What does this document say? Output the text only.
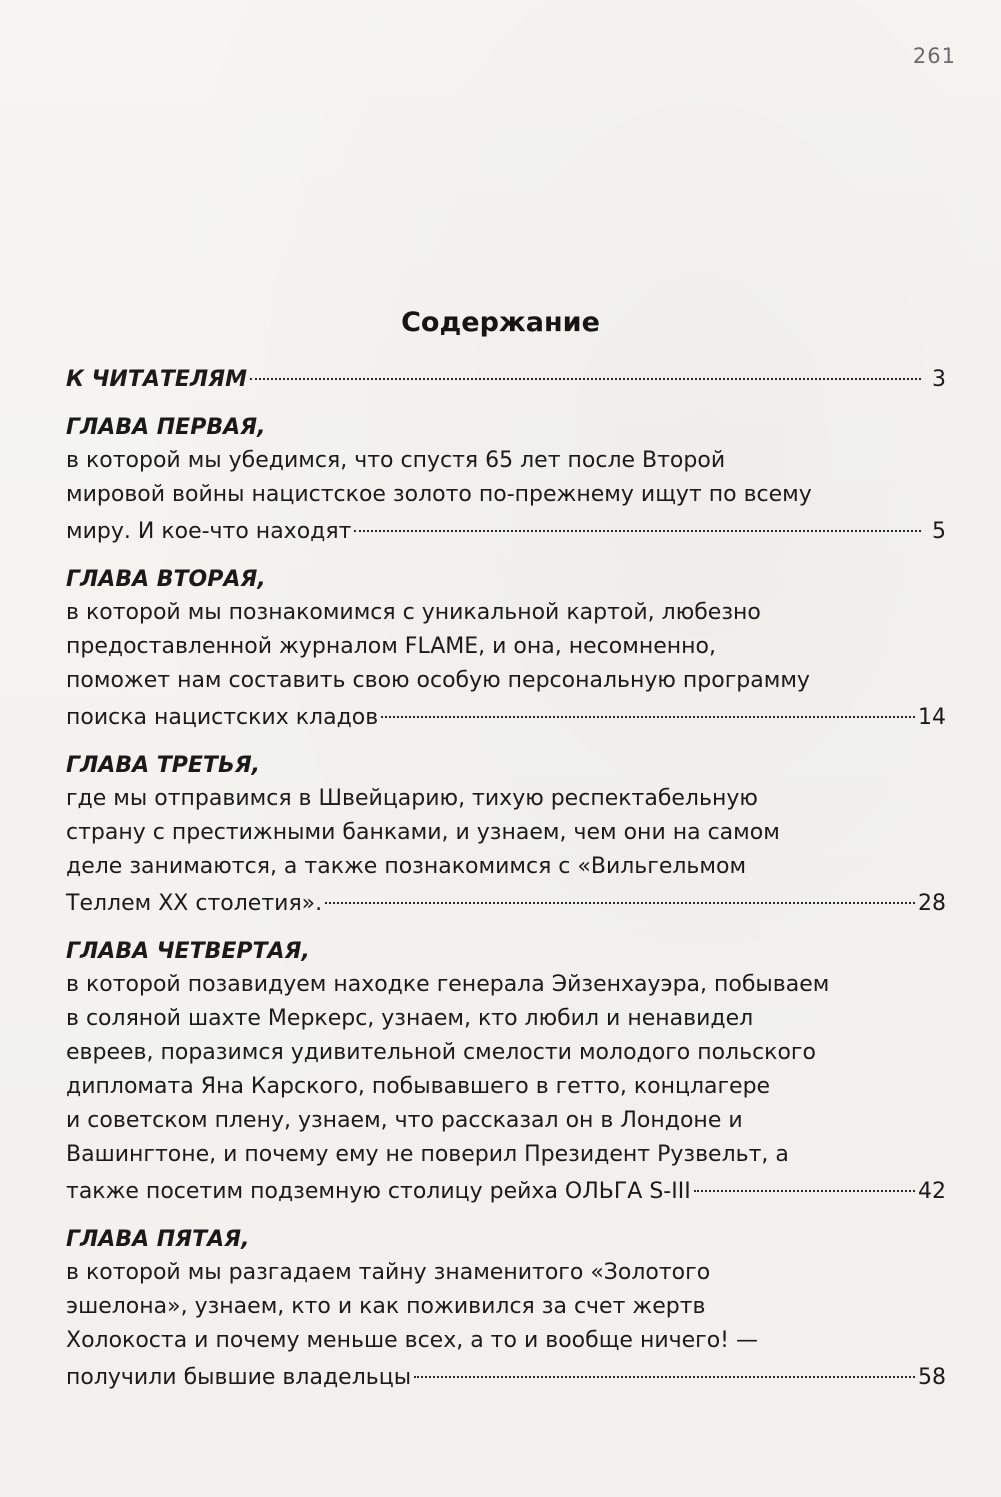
261
Содержание
К ЧИТАТЕЛЯМ	3
ГЛАВА ПЕРВАЯ,
в которой мы убедимся, что спустя 65 лет после Второй
мировой войны нацистское золото по-прежнему ищут по всему
миру. И кое-что находят	5
ГЛАВА ВТОРАЯ,
в которой мы познакомимся с уникальной картой, любезно
предоставленной журналом FLAME, и она, несомненно,
поможет нам составить свою особую персональную программу
поиска нацистских кладов	14
ГЛАВА ТРЕТЬЯ,
где мы отправимся в Швейцарию, тихую респектабельную
страну с престижными банками, и узнаем, чем они на самом
деле занимаются, а также познакомимся с «Вильгельмом
Теллем XX столетия».	28
ГЛАВА ЧЕТВЕРТАЯ,
в которой позавидуем находке генерала Эйзенхауэра, побываем
в соляной шахте Меркерс, узнаем, кто любил и ненавидел
евреев, поразимся удивительной смелости молодого польского
дипломата Яна Карского, побывавшего в гетто, концлагере
и советском плену, узнаем, что рассказал он в Лондоне и
Вашингтоне, и почему ему не поверил Президент Рузвельт, а
также посетим подземную столицу рейха ОЛЬГА S-III	42
ГЛАВА ПЯТАЯ,
в которой мы разгадаем тайну знаменитого «Золотого
эшелона», узнаем, кто и как поживился за счет жертв
Холокоста и почему меньше всех, а то и вообще ничего! —
получили бывшие владельцы	58
